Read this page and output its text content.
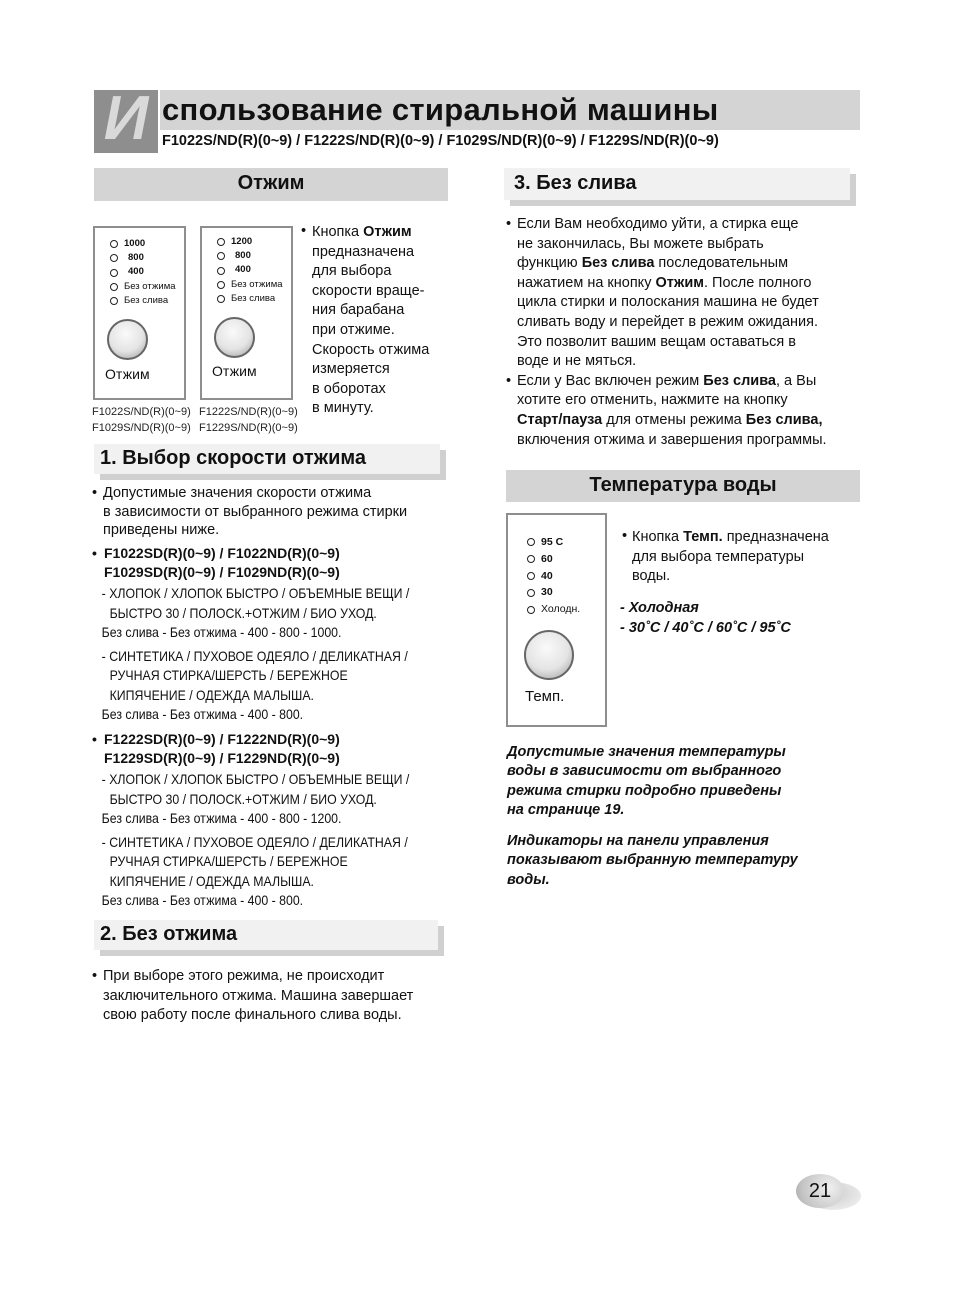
И спользование стиральной машины
F1022S/ND(R)(0~9) / F1222S/ND(R)(0~9) / F1029S/ND(R)(0~9) / F1229S/ND(R)(0~9)
Отжим
1000
800
400
Без отжима
Без слива
Отжим
F1022S/ND(R)(0~9)
F1029S/ND(R)(0~9)
1200
800
400
Без отжима
Без слива
Отжим
F1222S/ND(R)(0~9)
F1229S/ND(R)(0~9)
• Кнопка Отжим
предназначена
для выбора
скорости враще-
ния барабана
при отжиме.
Скорость отжима
измеряется
в оборотах
в минуту.
1. Выбор скорости отжима
• Допустимые значения скорости отжима
в зависимости от выбранного режима стирки
приведены ниже.
• F1022SD(R)(0~9) / F1022ND(R)(0~9)
F1029SD(R)(0~9) / F1029ND(R)(0~9)
- ХЛОПОК / ХЛОПОК БЫСТРО / ОБЪЕМНЫЕ ВЕЩИ /
БЫСТРО 30 / ПОЛОСК.+ОТЖИМ / БИО УХОД.
Без слива - Без отжима - 400 - 800 - 1000.
- СИНТЕТИКА / ПУХОВОЕ ОДЕЯЛО / ДЕЛИКАТНАЯ /
РУЧНАЯ СТИРКА/ШЕРСТЬ / БЕРЕЖНОЕ
КИПЯЧЕНИЕ / ОДЕЖДА МАЛЫША.
Без слива - Без отжима - 400 - 800.
• F1222SD(R)(0~9) / F1222ND(R)(0~9)
F1229SD(R)(0~9) / F1229ND(R)(0~9)
- ХЛОПОК / ХЛОПОК БЫСТРО / ОБЪЕМНЫЕ ВЕЩИ /
БЫСТРО 30 / ПОЛОСК.+ОТЖИМ / БИО УХОД.
Без слива - Без отжима - 400 - 800 - 1200.
- СИНТЕТИКА / ПУХОВОЕ ОДЕЯЛО / ДЕЛИКАТНАЯ /
РУЧНАЯ СТИРКА/ШЕРСТЬ / БЕРЕЖНОЕ
КИПЯЧЕНИЕ / ОДЕЖДА МАЛЫША.
Без слива - Без отжима - 400 - 800.
2. Без отжима
• При выборе этого режима, не происходит
заключительного отжима. Машина завершает
свою работу после финального слива воды.
3. Без слива
• Если Вам необходимо уйти, а стирка еще
не закончилась, Вы можете выбрать
функцию Без слива последовательным
нажатием на кнопку Отжим. После полного
цикла стирки и полоскания машина не будет
сливать воду и перейдет в режим ожидания.
Это позволит вашим вещам оставаться в
воде и не мяться.
• Если у Вас включен режим Без слива, а Вы
хотите его отменить, нажмите на кнопку
Старт/пауза для отмены режима Без слива,
включения отжима и завершения программы.
Температура воды
95 C
60
40
30
Холодн.
Темп.
• Кнопка Темп. предназначена
для выбора температуры
воды.
- Холодная
- 30˚C / 40˚C / 60˚C / 95˚C
Допустимые значения температуры
воды в зависимости от выбранного
режима стирки подробно приведены
на странице 19.
Индикаторы на панели управления
показывают выбранную температуру
воды.
21
